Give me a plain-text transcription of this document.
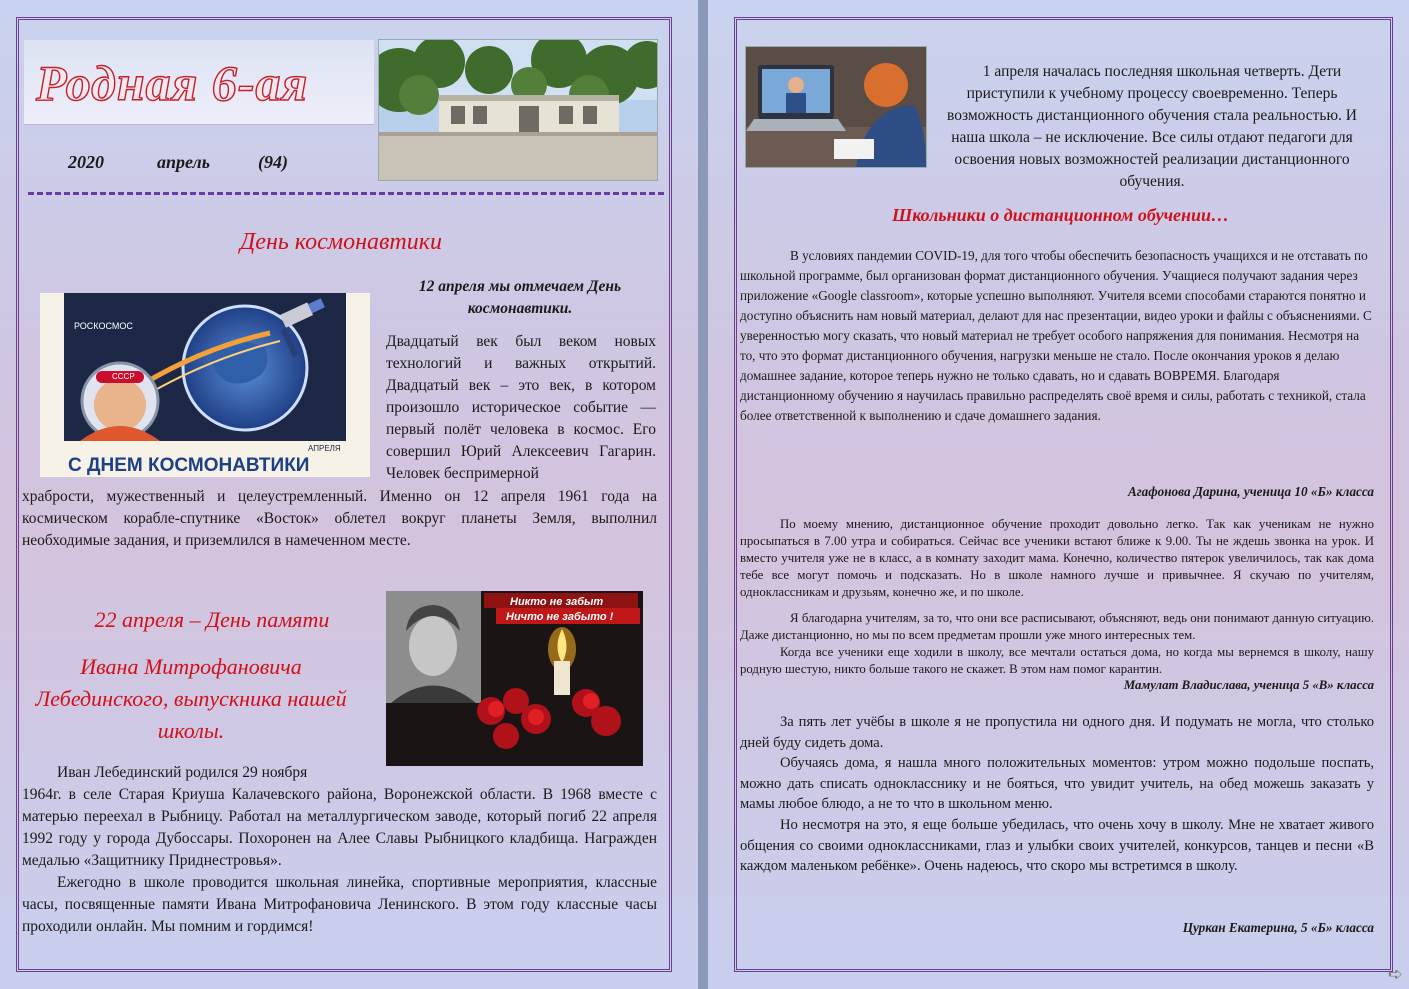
Родная 6-ая
2020	апрель	(94)
День космонавтики
12 апреля мы отмечаем День космонавтики.
РОСКОСМОС
СССР
12
АПРЕЛЯ
С ДНЕМ КОСМОНАВТИКИ
Двадцатый век был веком новых технологий и важных открытий. Двадцатый век – это век, в котором произошло историческое событие — первый полёт человека в космос. Его совершил Юрий Алексеевич Гагарин. Человек беспримерной
храбрости, мужественный и целеустремленный. Именно он 12 апреля 1961 года на космическом корабле-спутнике «Восток» облетел вокруг планеты Земля, выполнил необходимые задания, и приземлился в намеченном месте.
22 апреля – День памяти
Ивана Митрофановича Лебединского, выпускника нашей школы.
Никто не забыт
Ничто не забыто !
Иван Лебединский родился 29 ноября
1964г. в селе Старая Криуша Калачевского района, Воронежской области. В 1968 вместе с матерью переехал в Рыбницу. Работал на металлургическом заводе, который погиб 22 апреля 1992 году у города Дубоссары. Похоронен на Алее Славы Рыбницкого кладбища. Награжден медалью «Защитнику Приднестровья».
Ежегодно в школе проводится школьная линейка, спортивные мероприятия, классные часы, посвященные памяти Ивана Митрофановича Ленинского. В этом году классные часы проходили онлайн. Мы помним и гордимся!
1 апреля началась последняя школьная четверть. Дети приступили к учебному процессу своевременно. Теперь возможность дистанционного обучения стала реальностью. И наша школа – не исключение. Все силы отдают педагоги для освоения новых возможностей реализации дистанционного обучения.
Школьники о дистанционном обучении…
В условиях пандемии COVID-19, для того чтобы обеспечить безопасность учащихся и не отставать по школьной программе, был организован формат дистанционного обучения. Учащиеся получают задания через приложение «Google classroom», которые успешно выполняют. Учителя всеми способами стараются понятно и доступно объяснить нам новый материал, делают для нас презентации, видео уроки и файлы с объяснениями. С уверенностью могу сказать, что новый материал не требует особого напряжения для понимания. Несмотря на то, что это формат дистанционного обучения, нагрузки меньше не стало. После окончания уроков я делаю домашнее задание, которое теперь нужно не только сдавать, но и сдавать ВОВРЕМЯ. Благодаря дистанционному обучению я научилась правильно распределять своё время и силы, работать с техникой, стала более ответственной к выполнению и сдаче домашнего задания.
Агафонова Дарина, ученица 10 «Б» класса
По моему мнению, дистанционное обучение проходит довольно легко. Так как ученикам не нужно просыпаться в 7.00 утра и собираться. Сейчас все ученики встают ближе к 9.00. Ты не ждешь звонка на урок. И вместо учителя уже не в класс, а в комнату заходит мама. Конечно, количество пятерок увеличилось, так как дома тебе все могут помочь и подсказать. Но в школе намного лучше и привычнее. Я скучаю по учителям, одноклассникам и друзьям, конечно же, и по школе.
Я благодарна учителям, за то, что они все расписывают, объясняют, ведь они понимают данную ситуацию. Даже дистанционно, но мы по всем предметам прошли уже много интересных тем.
Когда все ученики еще ходили в школу, все мечтали остаться дома, но когда мы вернемся в школу, нашу родную шестую, никто больше такого не скажет. В этом нам помог карантин.
Мамулат Владислава, ученица 5 «В» класса
За пять лет учёбы в школе я не пропустила ни одного дня. И подумать не могла, что столько дней буду сидеть дома.
Обучаясь дома, я нашла много положительных моментов: утром можно подольше поспать, можно дать списать однокласснику и не бояться, что увидит учитель, на обед можешь заказать у мамы любое блюдо, а не то что в школьном меню.
Но несмотря на это, я еще больше убедилась, что очень хочу в школу. Мне не хватает живого общения со своими одноклассниками, глаз и улыбки своих учителей, конкурсов, танцев и песни «В каждом маленьком ребёнке». Очень надеюсь, что скоро мы встретимся в школу.
Цуркан Екатерина, 5 «Б» класса
➪
